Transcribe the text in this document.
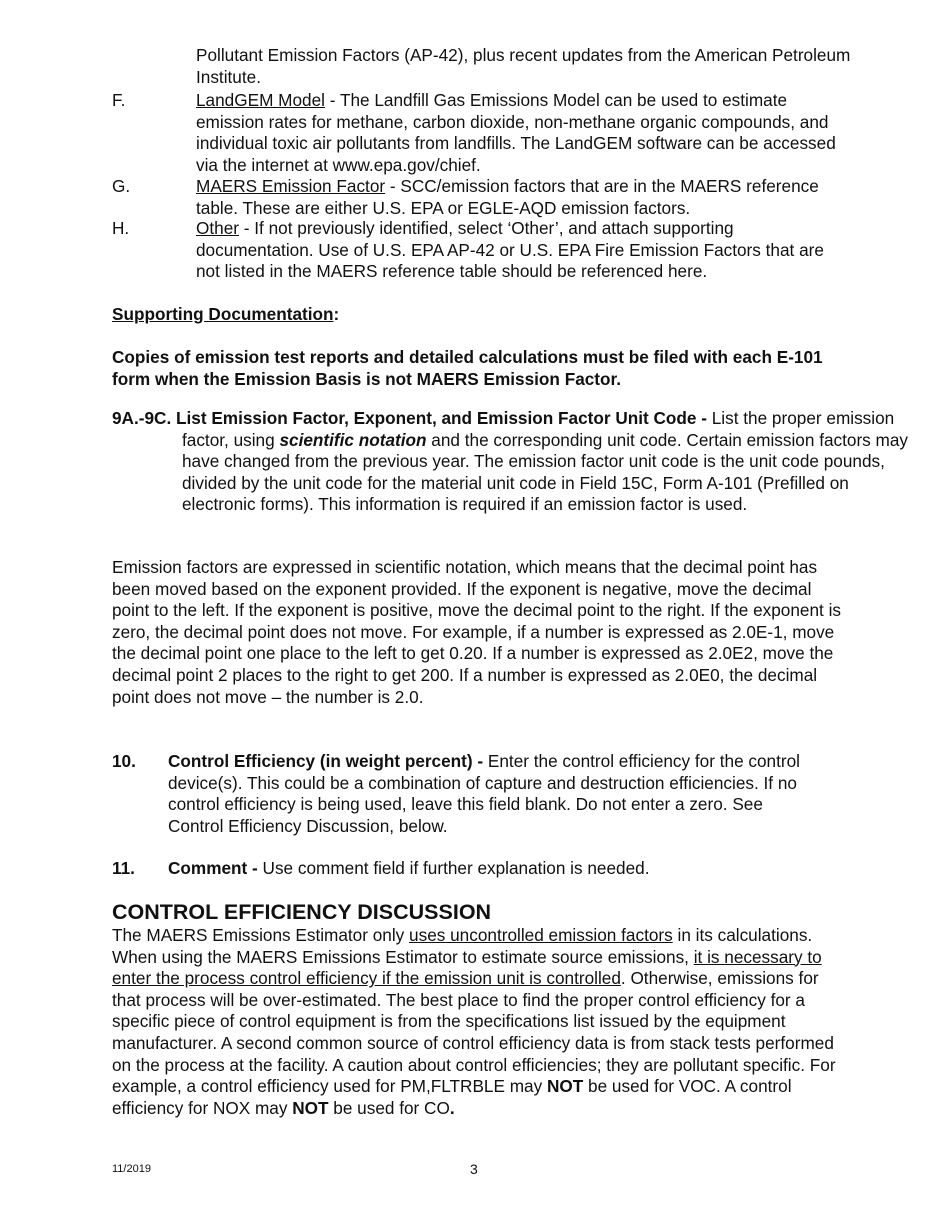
Pollutant Emission Factors (AP-42), plus recent updates from the American Petroleum Institute.

F.	LandGEM Model - The Landfill Gas Emissions Model can be used to estimate emission rates for methane, carbon dioxide, non-methane organic compounds, and individual toxic air pollutants from landfills. The LandGEM software can be accessed via the internet at www.epa.gov/chief.

G.	MAERS Emission Factor - SCC/emission factors that are in the MAERS reference table. These are either U.S. EPA or EGLE-AQD emission factors.

H.	Other - If not previously identified, select ‘Other’, and attach supporting documentation. Use of U.S. EPA AP-42 or U.S. EPA Fire Emission Factors that are not listed in the MAERS reference table should be referenced here.

Supporting Documentation:

Copies of emission test reports and detailed calculations must be filed with each E-101 form when the Emission Basis is not MAERS Emission Factor.

9A.-9C. List Emission Factor, Exponent, and Emission Factor Unit Code - List the proper emission factor, using scientific notation and the corresponding unit code. Certain emission factors may have changed from the previous year. The emission factor unit code is the unit code pounds, divided by the unit code for the material unit code in Field 15C, Form A-101 (Prefilled on electronic forms). This information is required if an emission factor is used.

Emission factors are expressed in scientific notation, which means that the decimal point has been moved based on the exponent provided. If the exponent is negative, move the decimal point to the left. If the exponent is positive, move the decimal point to the right. If the exponent is zero, the decimal point does not move. For example, if a number is expressed as 2.0E-1, move the decimal point one place to the left to get 0.20. If a number is expressed as 2.0E2, move the decimal point 2 places to the right to get 200. If a number is expressed as 2.0E0, the decimal point does not move – the number is 2.0.

10. Control Efficiency (in weight percent) - Enter the control efficiency for the control device(s). This could be a combination of capture and destruction efficiencies. If no control efficiency is being used, leave this field blank. Do not enter a zero. See Control Efficiency Discussion, below.

11. Comment - Use comment field if further explanation is needed.

CONTROL EFFICIENCY DISCUSSION

The MAERS Emissions Estimator only uses uncontrolled emission factors in its calculations. When using the MAERS Emissions Estimator to estimate source emissions, it is necessary to enter the process control efficiency if the emission unit is controlled. Otherwise, emissions for that process will be over-estimated. The best place to find the proper control efficiency for a specific piece of control equipment is from the specifications list issued by the equipment manufacturer. A second common source of control efficiency data is from stack tests performed on the process at the facility. A caution about control efficiencies; they are pollutant specific. For example, a control efficiency used for PM,FLTRBLE may NOT be used for VOC. A control efficiency for NOX may NOT be used for CO.

11/2019	3
